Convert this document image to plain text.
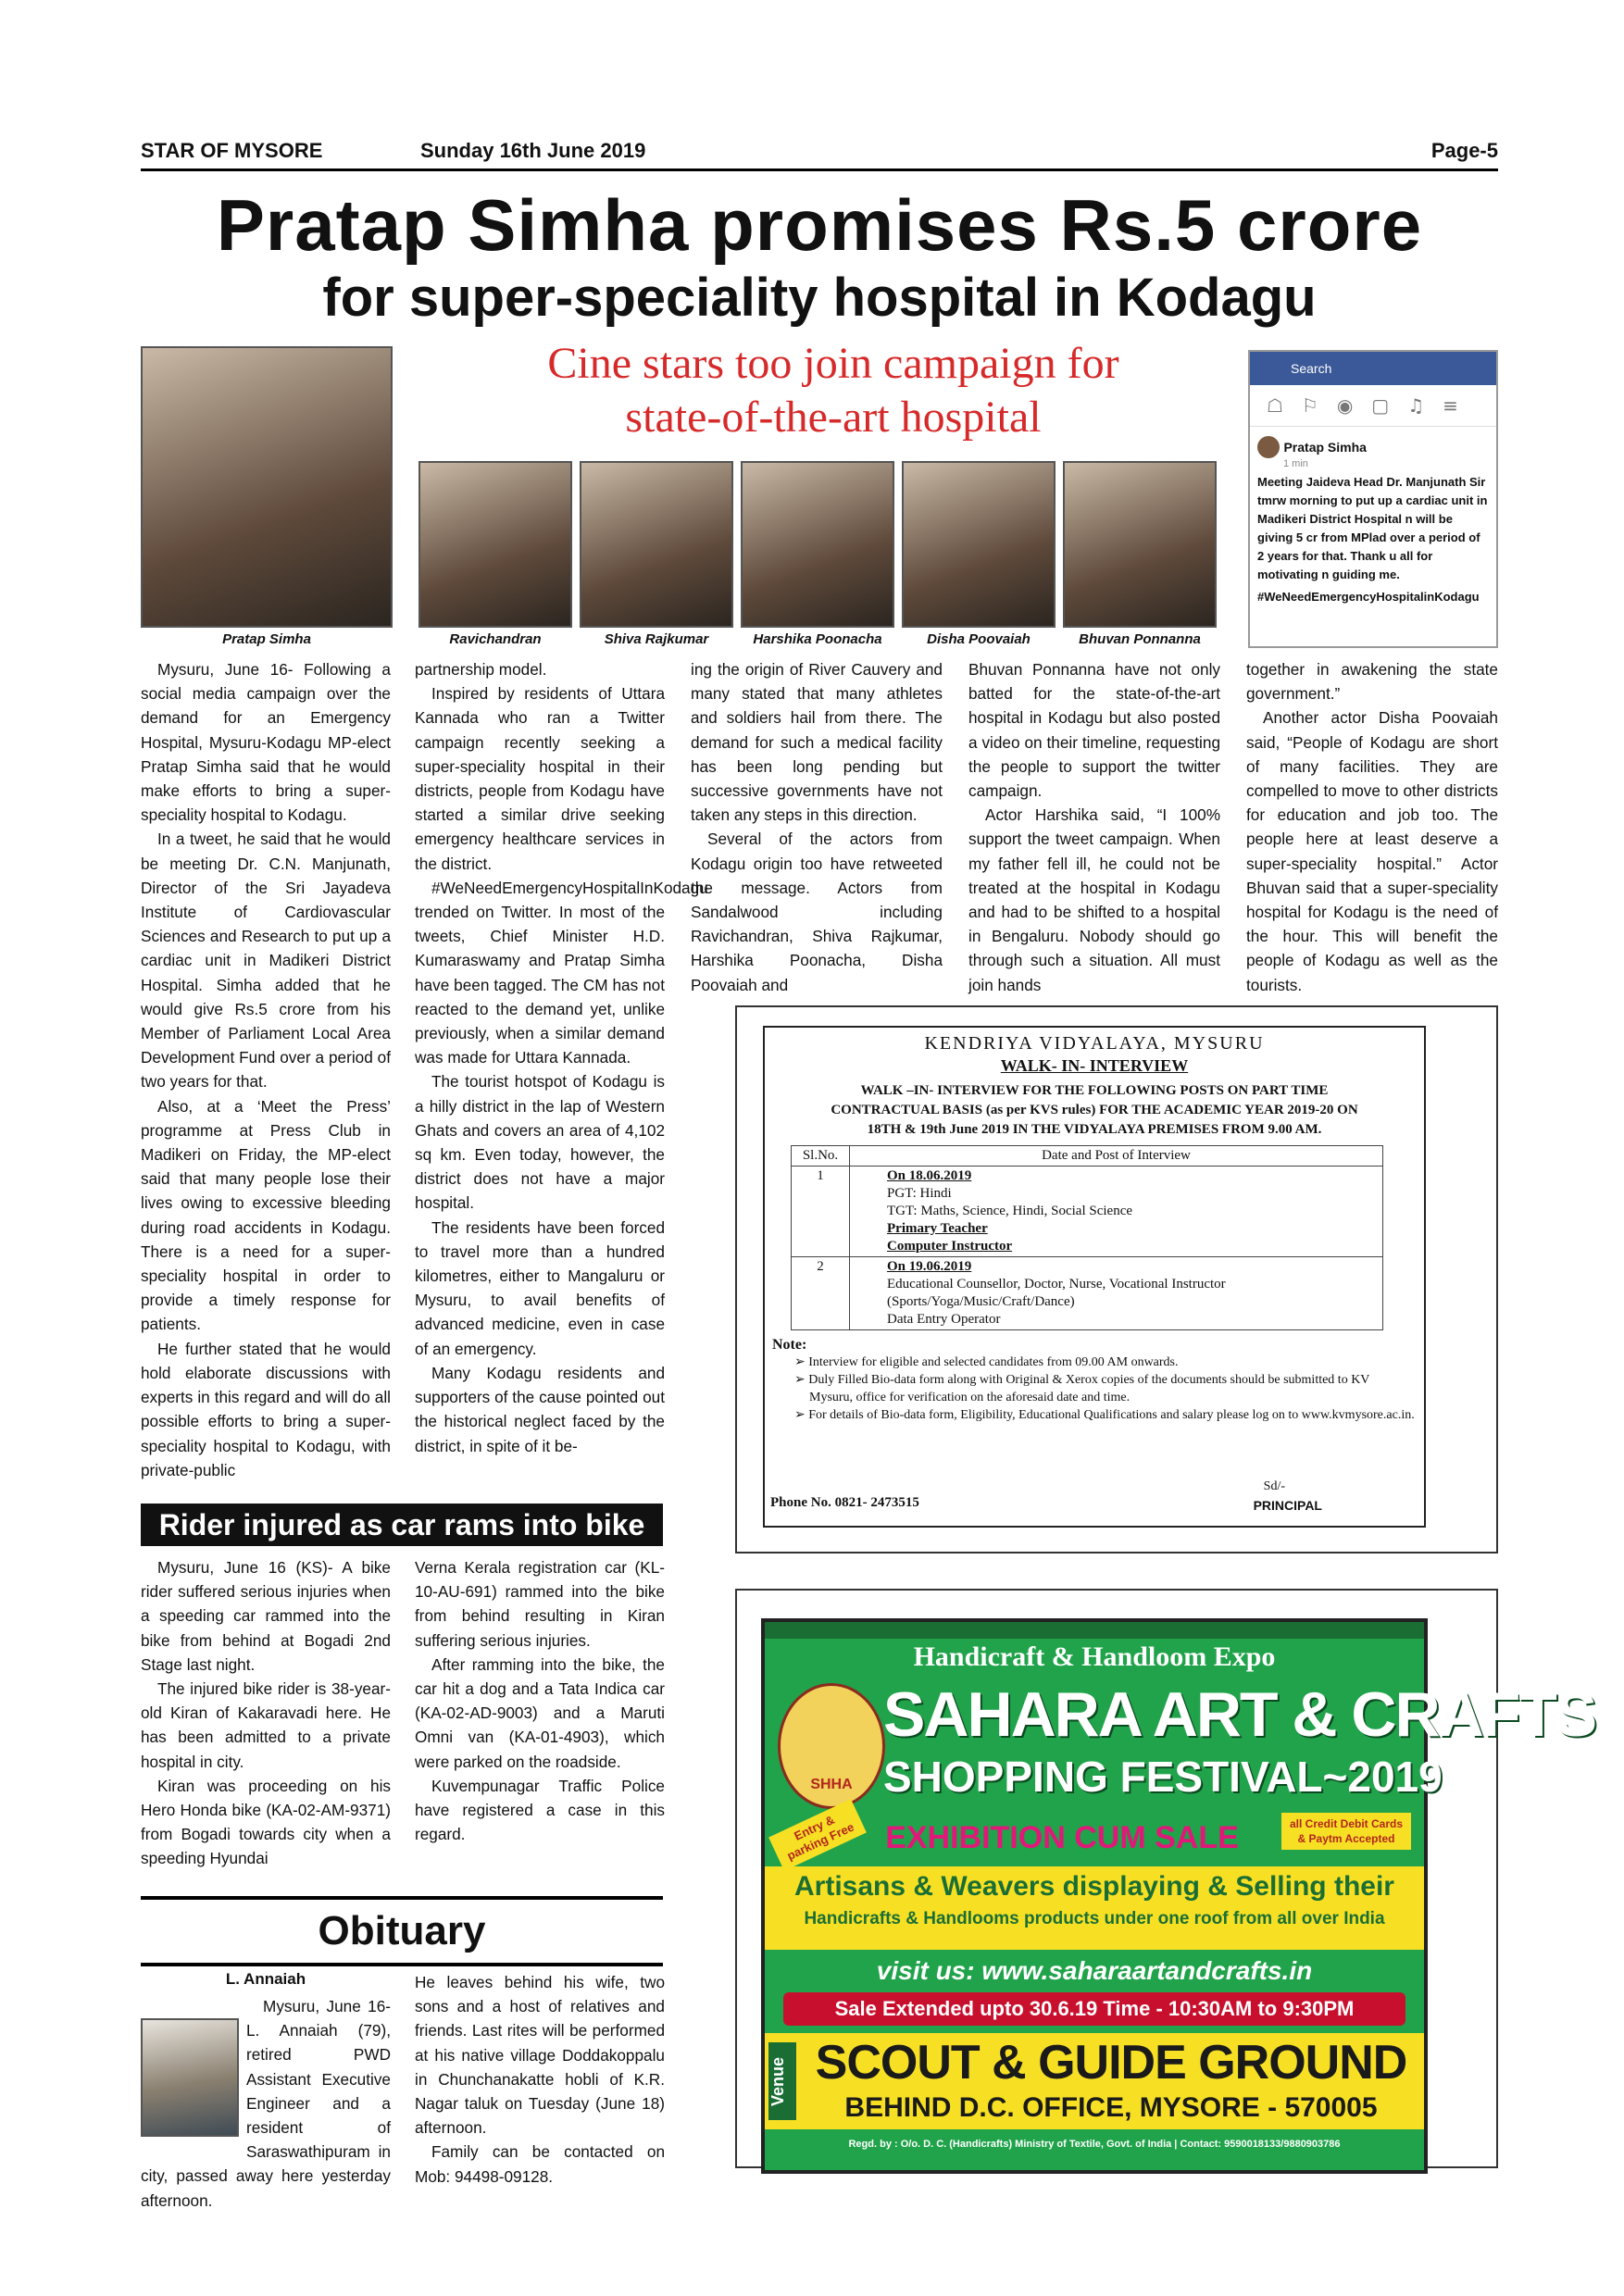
STAR OF MYSORE	Sunday 16th June 2019	Page-5
Pratap Simha promises Rs.5 crore
for super-speciality hospital in Kodagu
Cine stars too join campaign for
state-of-the-art hospital
Pratap Simha	Ravichandran	Shiva Rajkumar	Harshika Poonacha	Disha Poovaiah	Bhuvan Ponnanna
Search
☖⚐◉▢♫≡
Pratap Simha
1 min
Meeting Jaideva Head Dr. Manjunath Sir tmrw morning to put up a cardiac unit in Madikeri District Hospital n will be giving 5 cr from MPlad over a period of 2 years for that. Thank u all for motivating n guiding me.
#WeNeedEmergencyHospitalinKodagu

Mysuru, June 16- Following a social media campaign over the demand for an Emergency Hospital, Mysuru-Kodagu MP-elect Pratap Simha said that he would make efforts to bring a super-speciality hospital to Kodagu.

In a tweet, he said that he would be meeting Dr. C.N. Manjunath, Director of the Sri Jayadeva Institute of Cardiovascular Sciences and Research to put up a cardiac unit in Madikeri District Hospital. Simha added that he would give Rs.5 crore from his Member of Parliament Local Area Development Fund over a period of two years for that.

Also, at a ‘Meet the Press’ programme at Press Club in Madikeri on Friday, the MP-elect said that many people lose their lives owing to excessive bleeding during road accidents in Kodagu. There is a need for a super-speciality hospital in order to provide a timely response for patients.

He further stated that he would hold elaborate discussions with experts in this regard and will do all possible efforts to bring a super-speciality hospital to Kodagu, with private-public

partnership model.

Inspired by residents of Uttara Kannada who ran a Twitter campaign recently seeking a super-speciality hospital in their districts, people from Kodagu have started a similar drive seeking emergency healthcare services in the district.

#WeNeedEmergencyHospitalInKodagu trended on Twitter. In most of the tweets, Chief Minister H.D. Kumaraswamy and Pratap Simha have been tagged. The CM has not reacted to the demand yet, unlike previously, when a similar demand was made for Uttara Kannada.

The tourist hotspot of Kodagu is a hilly district in the lap of Western Ghats and covers an area of 4,102 sq km. Even today, however, the district does not have a major hospital.

The residents have been forced to travel more than a hundred kilometres, either to Mangaluru or Mysuru, to avail benefits of advanced medicine, even in case of an emergency.

Many Kodagu residents and supporters of the cause pointed out the historical neglect faced by the district, in spite of it be-

ing the origin of River Cauvery and many stated that many athletes and soldiers hail from there. The demand for such a medical facility has been long pending but successive governments have not taken any steps in this direction.

Several of the actors from Kodagu origin too have retweeted the message. Actors from Sandalwood including Ravichandran, Shiva Rajkumar, Harshika Poonacha, Disha Poovaiah and

Bhuvan Ponnanna have not only batted for the state-of-the-art hospital in Kodagu but also posted a video on their timeline, requesting the people to support the twitter campaign.

Actor Harshika said, “I 100% support the tweet campaign. When my father fell ill, he could not be treated at the hospital in Kodagu and had to be shifted to a hospital in Bengaluru. Nobody should go through such a situation. All must join hands

together in awakening the state government.”

Another actor Disha Poovaiah said, “People of Kodagu are short of many facilities. They are compelled to move to other districts for education and job too. The people here at least deserve a super-speciality hospital.” Actor Bhuvan said that a super-speciality hospital for Kodagu is the need of the hour. This will benefit the people of Kodagu as well as the tourists.

Rider injured as car rams into bike

Mysuru, June 16 (KS)- A bike rider suffered serious injuries when a speeding car rammed into the bike from behind at Bogadi 2nd Stage last night.

The injured bike rider is 38-year-old Kiran of Kakaravadi here. He has been admitted to a private hospital in city.

Kiran was proceeding on his Hero Honda bike (KA-02-AM-9371) from Bogadi towards city when a speeding Hyundai

Verna Kerala registration car (KL-10-AU-691) rammed into the bike from behind resulting in Kiran suffering serious injuries.

After ramming into the bike, the car hit a dog and a Tata Indica car (KA-02-AD-9003) and a Maruti Omni van (KA-01-4903), which were parked on the roadside.

Kuvempunagar Traffic Police have registered a case in this regard.

Obituary
L. Annaiah

Mysuru, June 16- L. Annaiah (79), retired PWD Assistant Executive Engineer and a resident of Saraswathipuram in city, passed away here yesterday afternoon.

He leaves behind his wife, two sons and a host of relatives and friends. Last rites will be performed at his native village Doddakoppalu in Chunchanakatte hobli of K.R. Nagar taluk on Tuesday (June 18) afternoon.

Family can be contacted on Mob: 94498-09128.

KENDRIYA VIDYALAYA, MYSURU
WALK- IN- INTERVIEW
WALK –IN- INTERVIEW FOR THE FOLLOWING POSTS ON PART TIME
CONTRACTUAL BASIS (as per KVS rules) FOR THE ACADEMIC YEAR 2019-20 ON
18TH & 19th June 2019 IN THE VIDYALAYA PREMISES FROM 9.00 AM.
Sl.No.	Date and Post of Interview
1	On 18.06.2019
PGT: Hindi
TGT: Maths, Science, Hindi, Social Science
Primary Teacher
Computer Instructor

2	On 19.06.2019
Educational Counsellor, Doctor, Nurse, Vocational Instructor
(Sports/Yoga/Music/Craft/Dance)
Data Entry Operator
Note:
➢ Interview for eligible and selected candidates from 09.00 AM onwards.
➢ Duly Filled Bio-data form along with Original & Xerox copies of the documents should be submitted to KV Mysuru, office for verification on the aforesaid date and time.
➢ For details of Bio-data form, Eligibility, Educational Qualifications and salary please log on to www.kvmysore.ac.in.
Phone No. 0821- 2473515
Sd/-
PRINCIPAL
Handicraft & Handloom Expo
SHHA
SAHARA ART & CRAFTS
SHOPPING FESTIVAL~2019
Entry & parking Free EXHIBITION CUM SALE	all Credit Debit Cards & Paytm Accepted
Artisans & Weavers displaying & Selling their
Handicrafts & Handlooms products under one roof from all over India
visit us: www.saharaartandcrafts.in
Sale Extended upto 30.6.19 Time - 10:30AM to 9:30PM
Venue SCOUT & GUIDE GROUND
BEHIND D.C. OFFICE, MYSORE - 570005
Regd. by : O/o. D. C. (Handicrafts) Ministry of Textile, Govt. of India | Contact: 9590018133/9880903786
